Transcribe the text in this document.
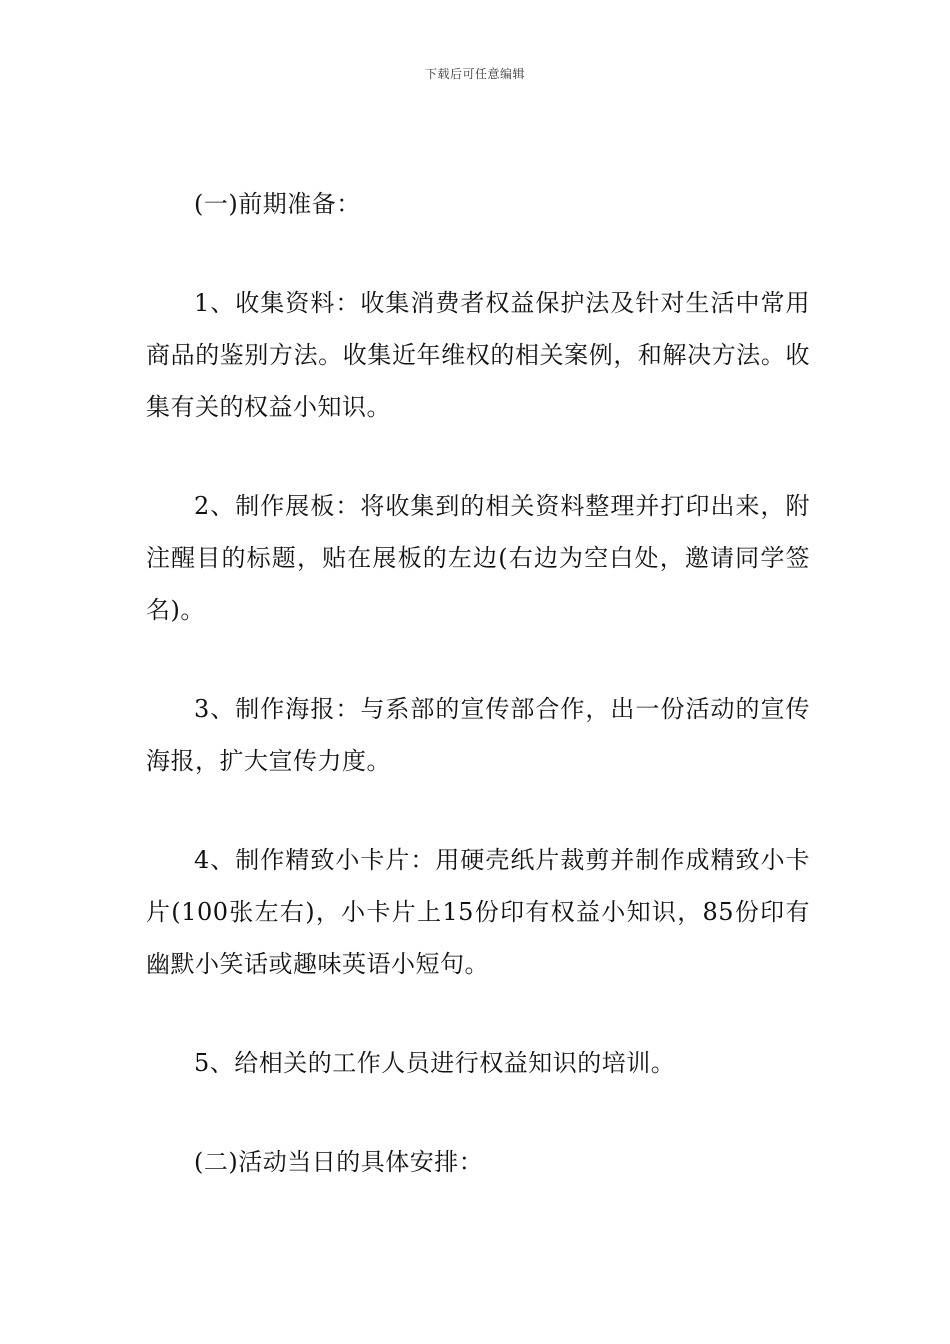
下载后可任意编辑

(一)前期准备：

1、收集资料：收集消费者权益保护法及针对生活中常用商品的鉴别方法。收集近年维权的相关案例，和解决方法。收集有关的权益小知识。

2、制作展板：将收集到的相关资料整理并打印出来，附注醒目的标题，贴在展板的左边(右边为空白处，邀请同学签名)。

3、制作海报：与系部的宣传部合作，出一份活动的宣传海报，扩大宣传力度。

4、制作精致小卡片：用硬壳纸片裁剪并制作成精致小卡片(100张左右)，小卡片上15份印有权益小知识，85份印有幽默小笑话或趣味英语小短句。

5、给相关的工作人员进行权益知识的培训。

(二)活动当日的具体安排：
